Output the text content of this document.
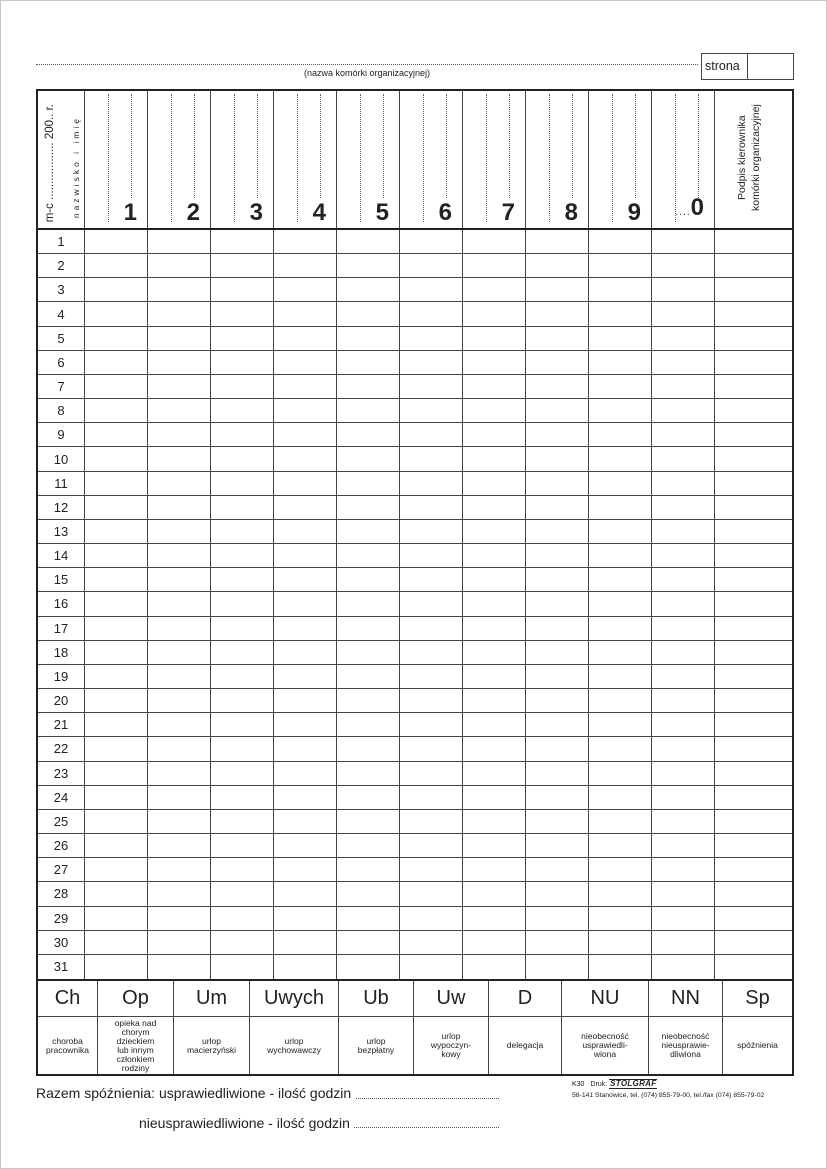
(nazwa komórki organizacyjnej)	strona
m-c .................. 200.. r. nazwisko i imię 1 2 3 4 5 6 7 8 9	....0
Podpis kierownika komórki organizacyjnej
1
2
3
4
5
6
7
8
9
10
11
12
13
14
15
16
17
18
19
20
21
22
23
24
25
26
27
28
29
30
31
Ch
choroba
pracownika
Op
opieka nad
chorym
dzieckiem
lub innym
członkiem
rodziny
Um
urlop
macierzyński
Uwych
urlop
wychowawczy
Ub
urlop
bezpłatny
Uw
urlop
wypoczyn-
kowy
D
delegacja
NU
nieobecność
usprawiedli-
wiona
NN
nieobecność
nieusprawie-
dliwiona
Sp
spóźnienia
Razem spóźnienia: usprawiedliwione - ilość godzin
nieusprawiedliwione - ilość godzin
K30 Druk: STOLGRAF
58-141 Stanowice, tel. (074) 855-79-00, tel./fax (074) 855-79-02
